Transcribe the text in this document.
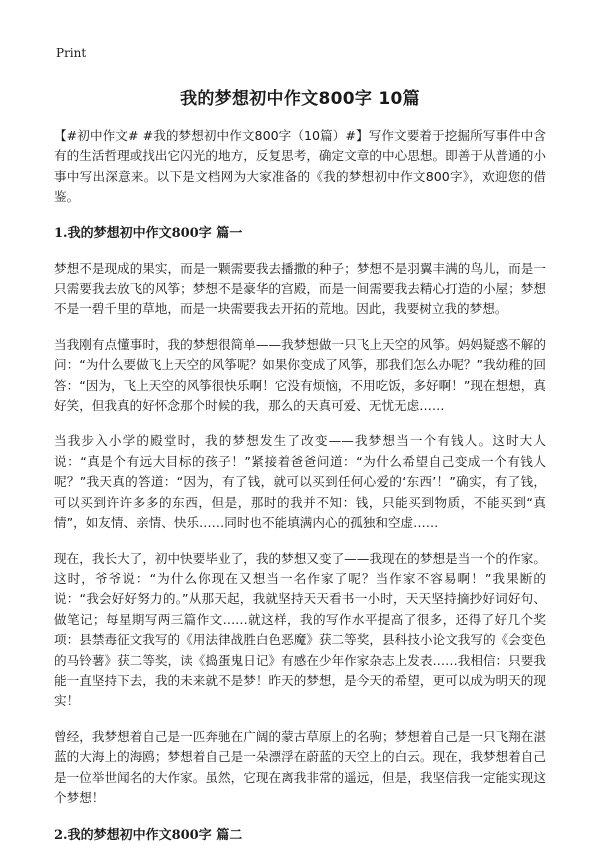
Print
我的梦想初中作文800字 10篇

【#初中作文# #我的梦想初中作文800字（10篇）#】写作文要着于挖掘所写事件中含有的生活哲理或找出它闪光的地方，反复思考，确定文章的中心思想。即善于从普通的小事中写出深意来。以下是文档网为大家准备的《我的梦想初中作文800字》，欢迎您的借鉴。

1.我的梦想初中作文800字 篇一

梦想不是现成的果实，而是一颗需要我去播撒的种子；梦想不是羽翼丰满的鸟儿，而是一只需要我去放飞的风筝；梦想不是豪华的宫殿，而是一间需要我去精心打造的小屋；梦想不是一碧千里的草地，而是一块需要我去开拓的荒地。因此，我要树立我的梦想。

当我刚有点懂事时，我的梦想很简单——我梦想做一只飞上天空的风筝。妈妈疑惑不解的问：“为什么要做飞上天空的风筝呢？如果你变成了风筝，那我们怎么办呢？”我幼稚的回答：“因为，飞上天空的风筝很快乐啊！它没有烦恼，不用吃饭，多好啊！”现在想想，真好笑，但我真的好怀念那个时候的我，那么的天真可爱、无忧无虑……

当我步入小学的殿堂时，我的梦想发生了改变——我梦想当一个有钱人。这时大人说：“真是个有远大目标的孩子！”紧接着爸爸问道：“为什么希望自己变成一个有钱人呢？”我天真的答道：“因为，有了钱，就可以买到任何心爱的‘东西’！”确实，有了钱，可以买到许许多多的东西，但是，那时的我并不知：钱，只能买到物质，不能买到“真情”，如友情、亲情、快乐……同时也不能填满内心的孤独和空虚……

现在，我长大了，初中快要毕业了，我的梦想又变了——我现在的梦想是当一个的作家。这时，爷爷说：“为什么你现在又想当一名作家了呢？当作家不容易啊！”我果断的说：“我会好好努力的。”从那天起，我就坚持天天看书一小时，天天坚持摘抄好词好句、做笔记；每星期写两三篇作文……就这样，我的写作水平提高了很多，还得了好几个奖项：县禁毒征文我写的《用法律战胜白色恶魔》获二等奖，县科技小论文我写的《会变色的马铃薯》获二等奖，读《捣蛋鬼日记》有感在少年作家杂志上发表……我相信：只要我能一直坚持下去，我的未来就不是梦！昨天的梦想，是今天的希望，更可以成为明天的现实！

曾经，我梦想着自己是一匹奔驰在广阔的蒙古草原上的名驹；梦想着自己是一只飞翔在湛蓝的大海上的海鸥；梦想着自己是一朵漂浮在蔚蓝的天空上的白云。现在，我梦想着自己是一位举世闻名的大作家。虽然，它现在离我非常的遥远，但是，我坚信我一定能实现这个梦想！

2.我的梦想初中作文800字 篇二
